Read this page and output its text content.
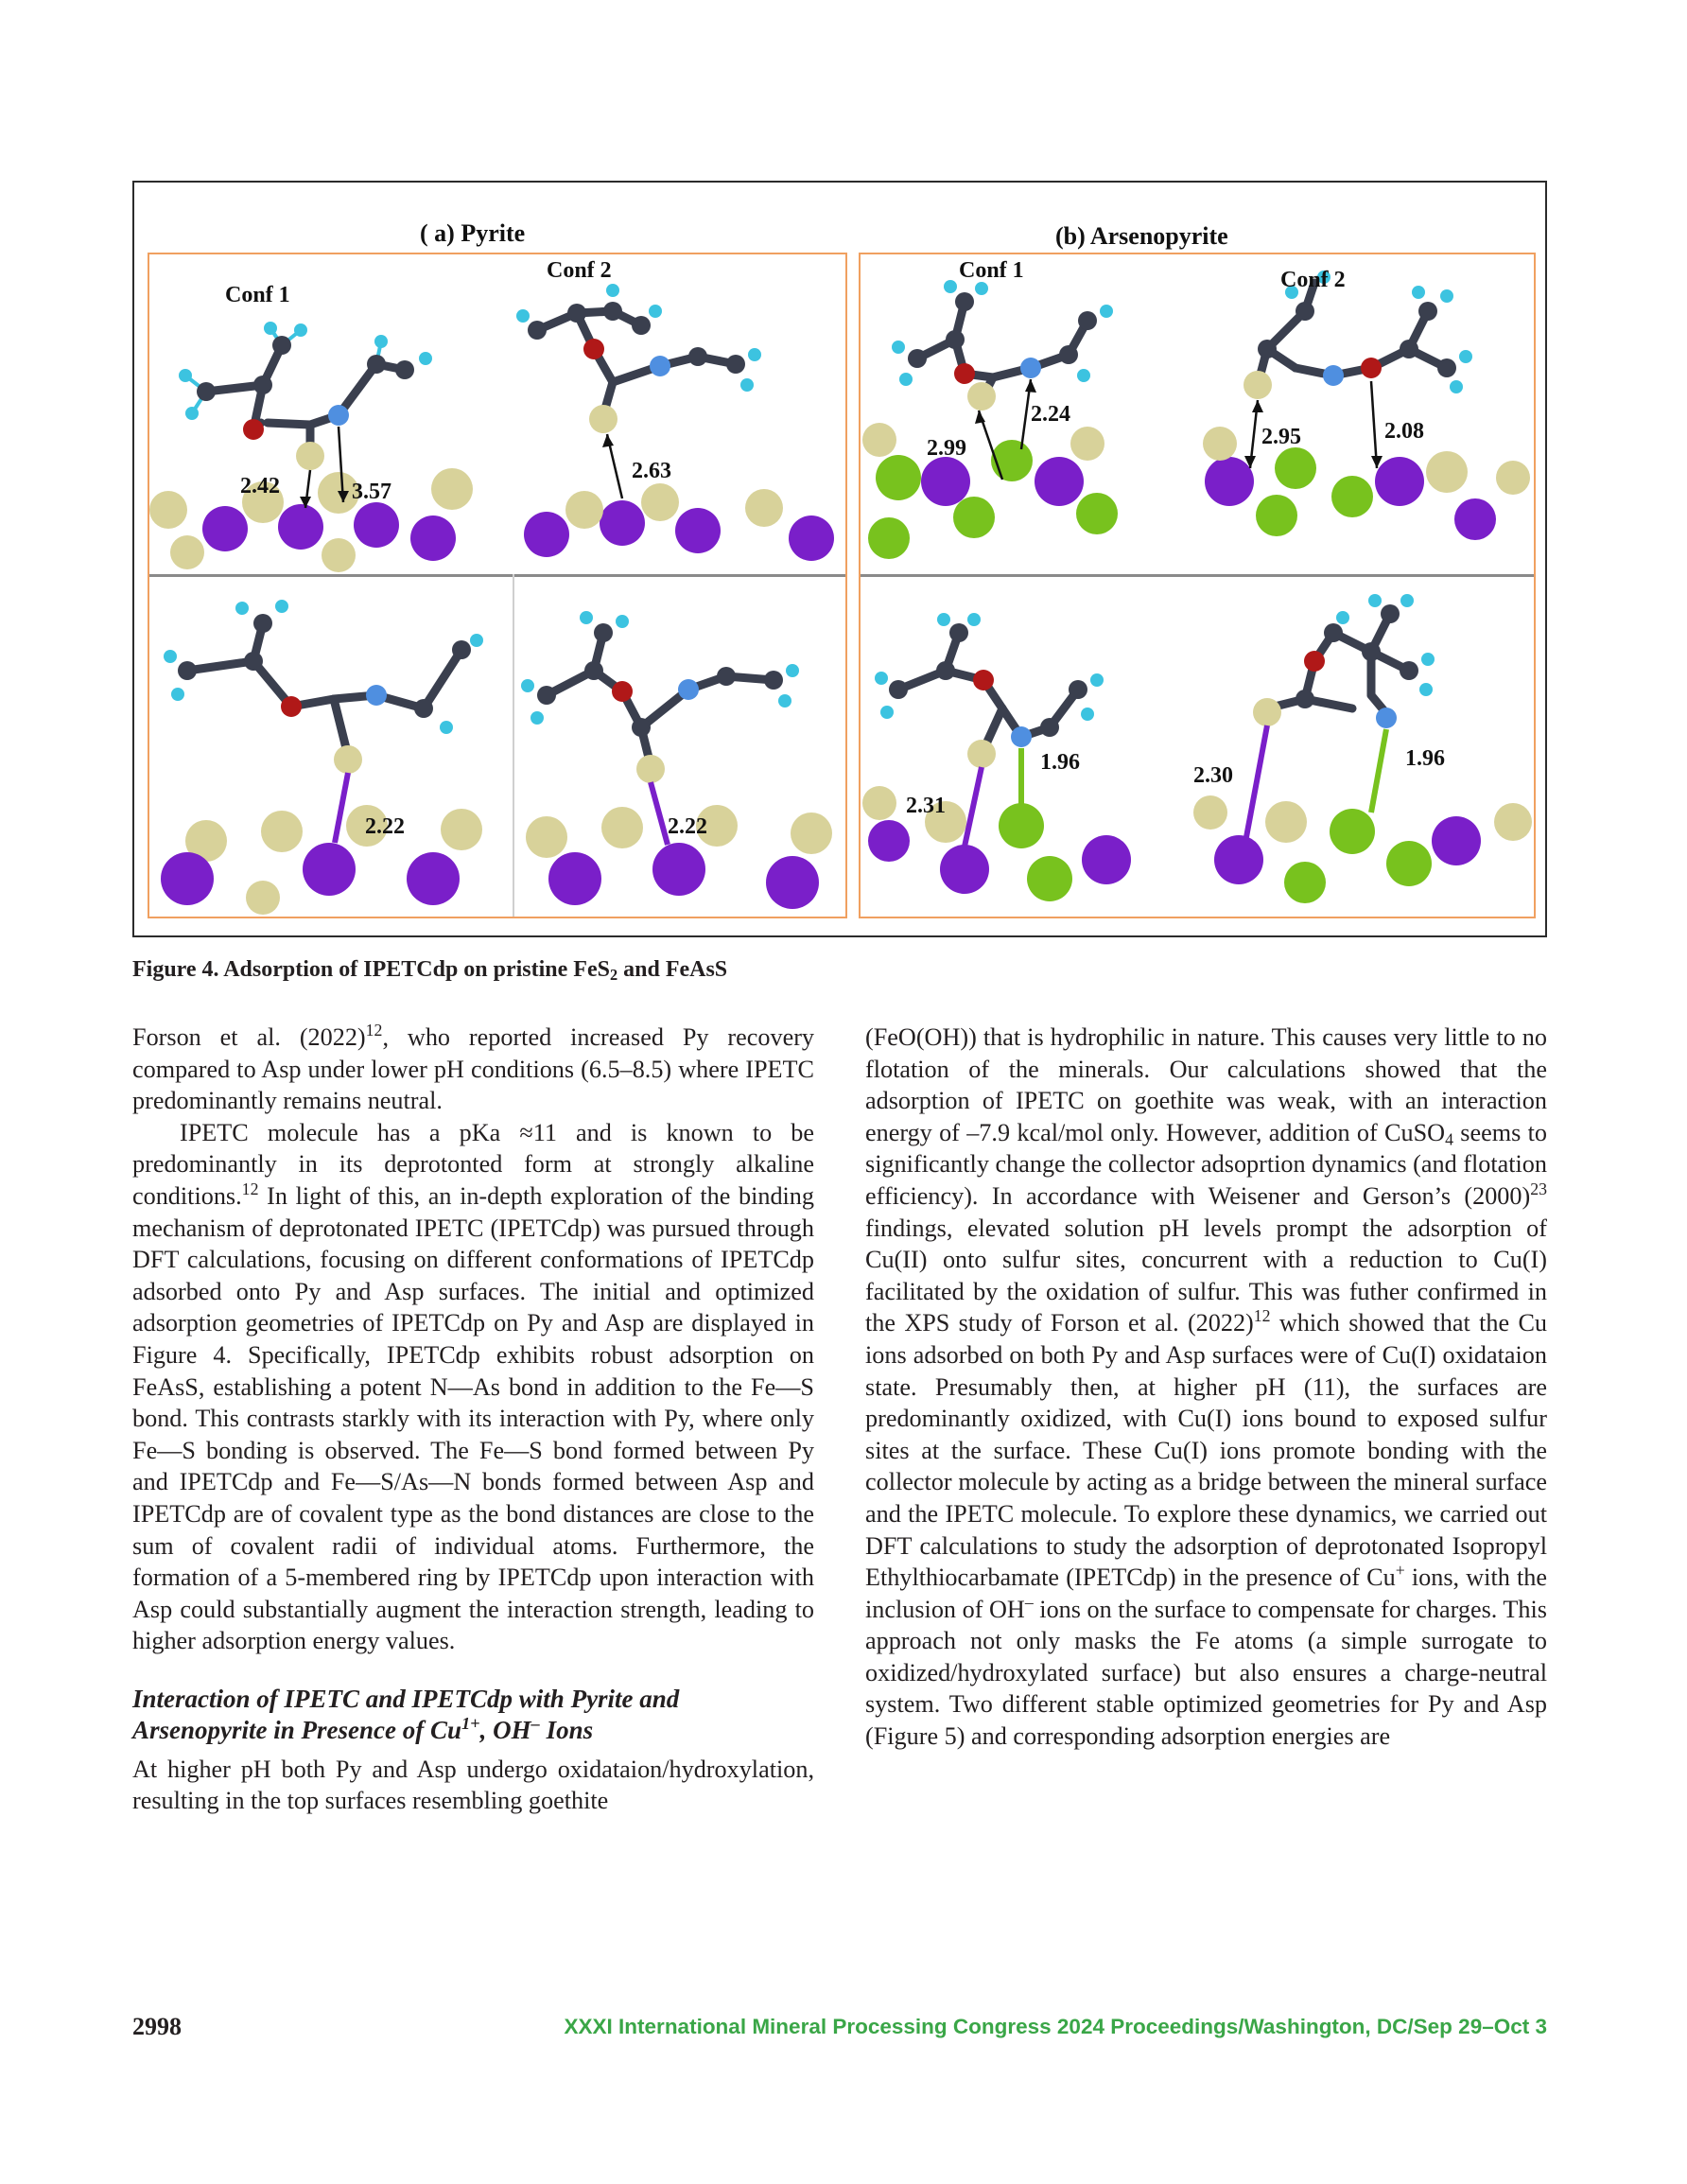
( a) Pyrite	(b) Arsenopyrite
Conf 1
2.42	3.57
Conf 2
2.63
2.22	2.22
Conf 1
2.99
2.24
Conf 2
2.95	2.08
2.31
1.96
2.30
1.96
Figure 4. Adsorption of IPETCdp on pristine FeS$_2$ and FeAsS

Forson et al. $(2022)^{12}$, who reported increased Py recovery compared to Asp under lower pH conditions (6.5–8.5) where IPETC predominantly remains neutral.

IPETC molecule has a pKa ≈11 and is known to be predominantly in its deprotonted form at strongly alkaline conditions.$^{12}$ In light of this, an in-depth exploration of the binding mechanism of deprotonated IPETC (IPETCdp) was pursued through DFT calculations, focusing on different conformations of IPETCdp adsorbed onto Py and Asp surfaces. The initial and optimized adsorption geometries of IPETCdp on Py and Asp are displayed in Figure 4. Specifically, IPETCdp exhibits robust adsorption on FeAsS, establishing a potent N—As bond in addition to the Fe—S bond. This contrasts starkly with its interaction with Py, where only Fe—S bonding is observed. The Fe—S bond formed between Py and IPETCdp and Fe—S/As—N bonds formed between Asp and IPETCdp are of covalent type as the bond distances are close to the sum of covalent radii of individual atoms. Furthermore, the formation of a 5-membered ring by IPETCdp upon interaction with Asp could substantially augment the interaction strength, leading to higher adsorption energy values.

Interaction of IPETC and IPETCdp with Pyrite and Arsenopyrite in Presence of $Cu^{1+}$, OH– Ions

At higher pH both Py and Asp undergo oxidataion/hydroxylation, resulting in the top surfaces resembling goethite

(FeO(OH)) that is hydrophilic in nature. This causes very little to no flotation of the minerals. Our calculations showed that the adsorption of IPETC on goethite was weak, with an interaction energy of –7.9 kcal/mol only. However, addition of CuSO$_4$ seems to significantly change the collector adsoprtion dynamics (and flotation efficiency). In accordance with Weisener and Gerson’s $(2000)^{23}$ findings, elevated solution pH levels prompt the adsorption of Cu(II) onto sulfur sites, concurrent with a reduction to Cu(I) facilitated by the oxidation of sulfur. This was futher confirmed in the XPS study of Forson et al. $(2022)^{12}$ which showed that the Cu ions adsorbed on both Py and Asp surfaces were of Cu(I) oxidataion state. Presumably then, at higher pH (11), the surfaces are predominantly oxidized, with Cu(I) ions bound to exposed sulfur sites at the surface. These Cu(I) ions promote bonding with the collector molecule by acting as a bridge between the mineral surface and the IPETC molecule. To explore these dynamics, we carried out DFT calculations to study the adsorption of deprotonated Isopropyl Ethylthiocarbamate (IPETCdp) in the presence of Cu+ ions, with the inclusion of OH– ions on the surface to compensate for charges. This approach not only masks the Fe atoms (a simple surrogate to oxidized/hydroxylated surface) but also ensures a charge-neutral system. Two different stable optimized geometries for Py and Asp (Figure 5) and corresponding adsorption energies are

2998	XXXI International Mineral Processing Congress 2024 Proceedings/Washington, DC/Sep 29–Oct 3
